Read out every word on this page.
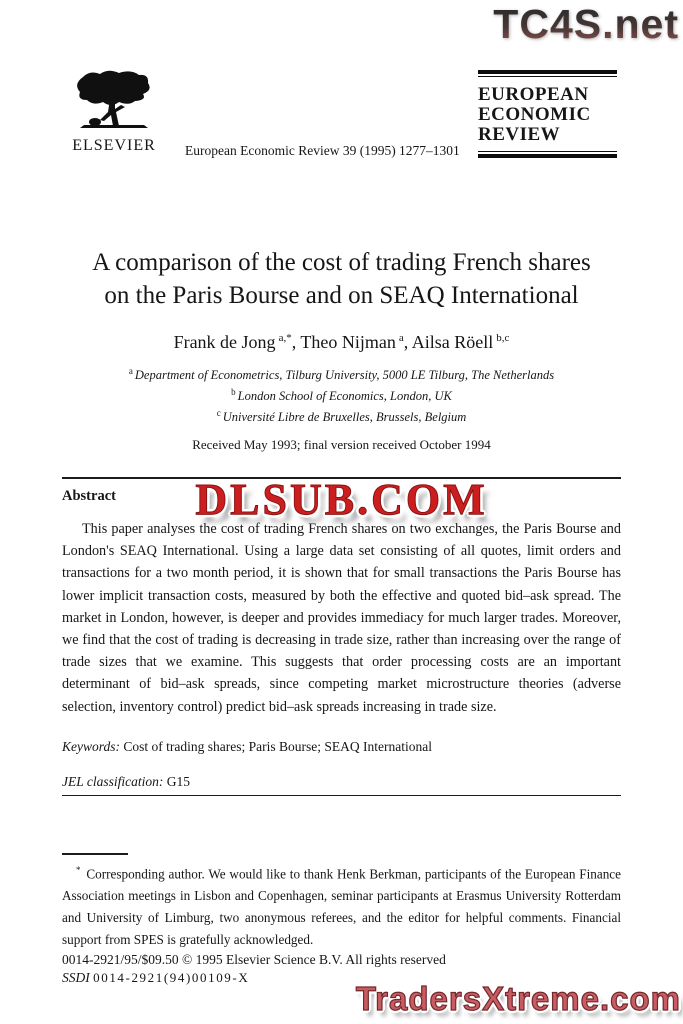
TC4S.net
ELSEVIER	European Economic Review 39 (1995) 1277–1301
EUROPEAN
ECONOMIC
REVIEW
A comparison of the cost of trading French shares on the Paris Bourse and on SEAQ International
Frank de Jong $^{a,*}$, Theo Nijman $^a$, Ailsa Röell $^{b,c}$
$^a$ Department of Econometrics, Tilburg University, 5000 LE Tilburg, The Netherlands
$^b$ London School of Economics, London, UK
$^c$ Université Libre de Bruxelles, Brussels, Belgium
Received May 1993; final version received October 1994
Abstract

This paper analyses the cost of trading French shares on two exchanges, the Paris Bourse and London's SEAQ International. Using a large data set consisting of all quotes, limit orders and transactions for a two month period, it is shown that for small transactions the Paris Bourse has lower implicit transaction costs, measured by both the effective and quoted bid–ask spread. The market in London, however, is deeper and provides immediacy for much larger trades. Moreover, we find that the cost of trading is decreasing in trade size, rather than increasing over the range of trade sizes that we examine. This suggests that order processing costs are an important determinant of bid–ask spreads, since competing market microstructure theories (adverse selection, inventory control) predict bid–ask spreads increasing in trade size.

Keywords: Cost of trading shares; Paris Bourse; SEAQ International

JEL classification: G15

* Corresponding author. We would like to thank Henk Berkman, participants of the European Finance Association meetings in Lisbon and Copenhagen, seminar participants at Erasmus University Rotterdam and University of Limburg, two anonymous referees, and the editor for helpful comments. Financial support from SPES is gratefully acknowledged.

0014-2921/95/$09.50 © 1995 Elsevier Science B.V. All rights reserved

SSDI 0014-2921(94)00109-X

TradersXtreme.com
DLSUB.COM
